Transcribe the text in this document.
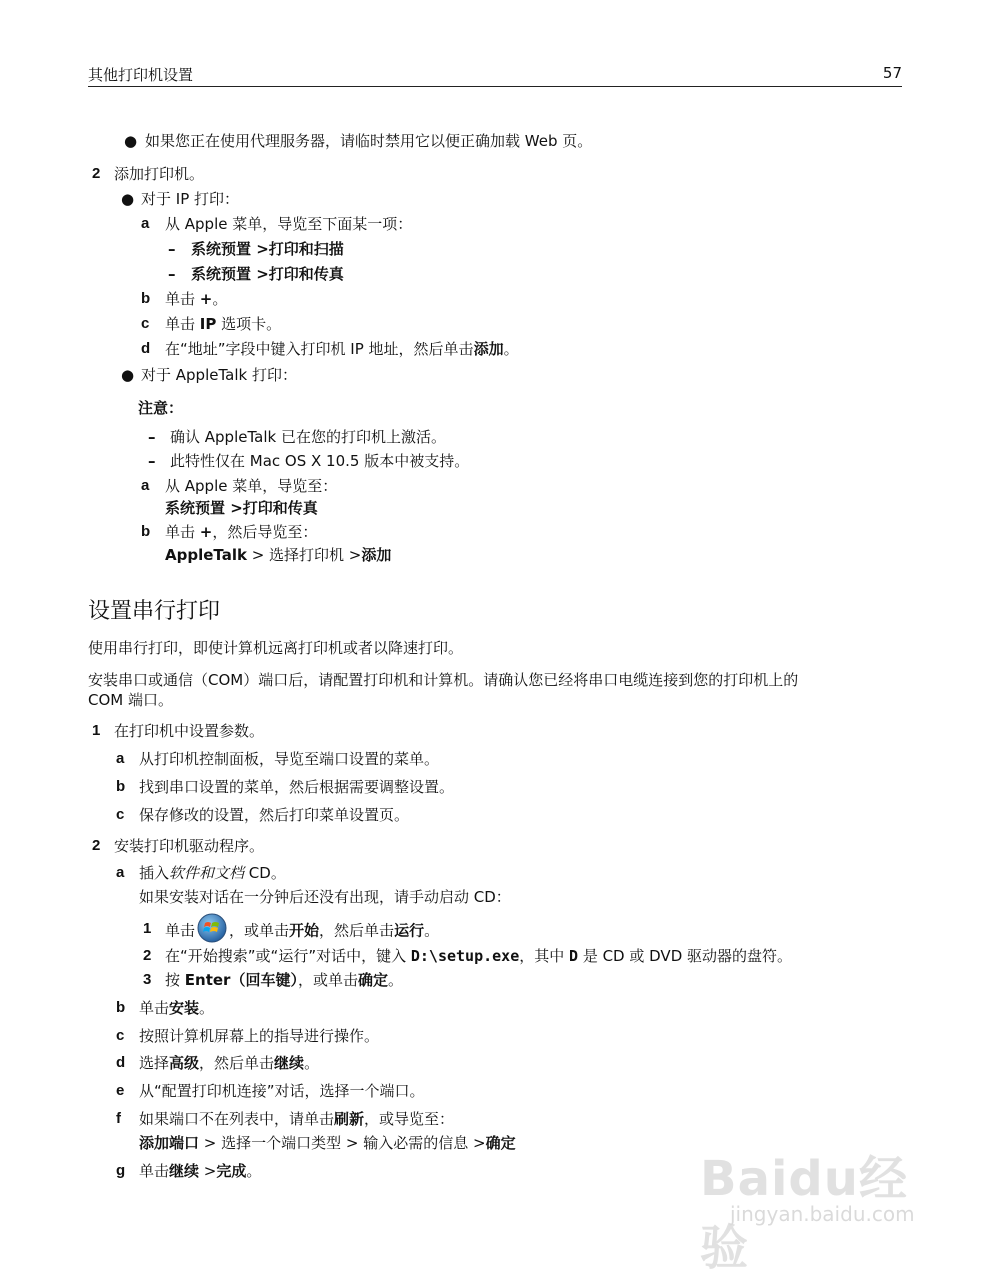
其他打印机设置	57
● 如果您正在使用代理服务器，请临时禁用它以便正确加载 Web 页。
2 添加打印机。
● 对于 IP 打印：
a 从 Apple 菜单，导览至下面某一项：
– 系统预置 >打印和扫描
– 系统预置 >打印和传真
b 单击 +。
c 单击 IP 选项卡。
d 在“地址”字段中键入打印机 IP 地址，然后单击添加。
● 对于 AppleTalk 打印：
注意：
– 确认 AppleTalk 已在您的打印机上激活。
– 此特性仅在 Mac OS X 10.5 版本中被支持。
a 从 Apple 菜单，导览至：
系统预置 >打印和传真
b 单击 +，然后导览至：
AppleTalk > 选择打印机 >添加
设置串行打印
使用串行打印，即使计算机远离打印机或者以降速打印。
安装串口或通信（COM）端口后，请配置打印机和计算机。请确认您已经将串口电缆连接到您的打印机上的
COM 端口。
1 在打印机中设置参数。
a 从打印机控制面板，导览至端口设置的菜单。
b 找到串口设置的菜单，然后根据需要调整设置。
c 保存修改的设置，然后打印菜单设置页。
2 安装打印机驱动程序。
a 插入软件和文档 CD。
如果安装对话在一分钟后还没有出现，请手动启动 CD：
1 单击 ，或单击开始，然后单击运行。
2 在“开始搜索”或“运行”对话中，键入 D:\setup.exe，其中 D 是 CD 或 DVD 驱动器的盘符。
3 按 Enter（回车键），或单击确定。
b 单击安装。
c 按照计算机屏幕上的指导进行操作。
d 选择高级，然后单击继续。
e 从“配置打印机连接”对话，选择一个端口。
f 如果端口不在列表中，请单击刷新，或导览至：
添加端口 > 选择一个端口类型 > 输入必需的信息 >确定
g 单击继续 >完成。	Baidu经验
jingyan.baidu.com
